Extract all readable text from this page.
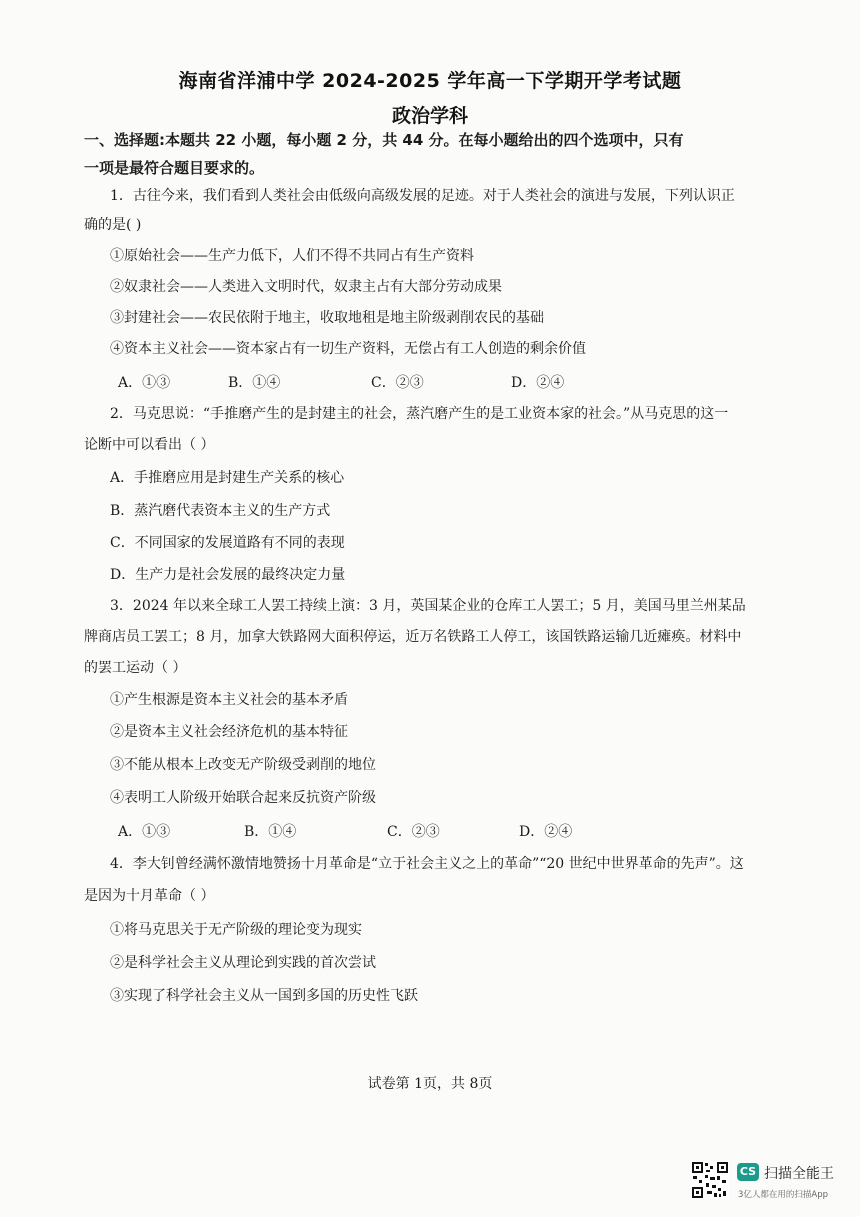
海南省洋浦中学 2024-2025 学年高一下学期开学考试题
政治学科
一、选择题:本题共 22 小题，每小题 2 分，共 44 分。在每小题给出的四个选项中，只有
一项是最符合题目要求的。
1．古往今来，我们看到人类社会由低级向高级发展的足迹。对于人类社会的演进与发展，下列认识正
确的是( )
①原始社会——生产力低下，人们不得不共同占有生产资料
②奴隶社会——人类进入文明时代，奴隶主占有大部分劳动成果
③封建社会——农民依附于地主，收取地租是地主阶级剥削农民的基础
④资本主义社会——资本家占有一切生产资料，无偿占有工人创造的剩余价值
A．①③	B．①④	C．②③	D．②④
2．马克思说：“手推磨产生的是封建主的社会，蒸汽磨产生的是工业资本家的社会。”从马克思的这一
论断中可以看出（ ）
A．手推磨应用是封建生产关系的核心
B．蒸汽磨代表资本主义的生产方式
C．不同国家的发展道路有不同的表现
D．生产力是社会发展的最终决定力量
3．2024 年以来全球工人罢工持续上演：3 月，英国某企业的仓库工人罢工；5 月，美国马里兰州某品
牌商店员工罢工；8 月，加拿大铁路网大面积停运，近万名铁路工人停工，该国铁路运输几近瘫痪。材料中
的罢工运动（ ）
①产生根源是资本主义社会的基本矛盾
②是资本主义社会经济危机的基本特征
③不能从根本上改变无产阶级受剥削的地位
④表明工人阶级开始联合起来反抗资产阶级
A．①③	B．①④	C．②③	D．②④
4．李大钊曾经满怀激情地赞扬十月革命是“立于社会主义之上的革命”“20 世纪中世界革命的先声”。这
是因为十月革命（ ）
①将马克思关于无产阶级的理论变为现实
②是科学社会主义从理论到实践的首次尝试
③实现了科学社会主义从一国到多国的历史性飞跃
试卷第 1页，共 8页
CS 扫描全能王
3亿人都在用的扫描App
